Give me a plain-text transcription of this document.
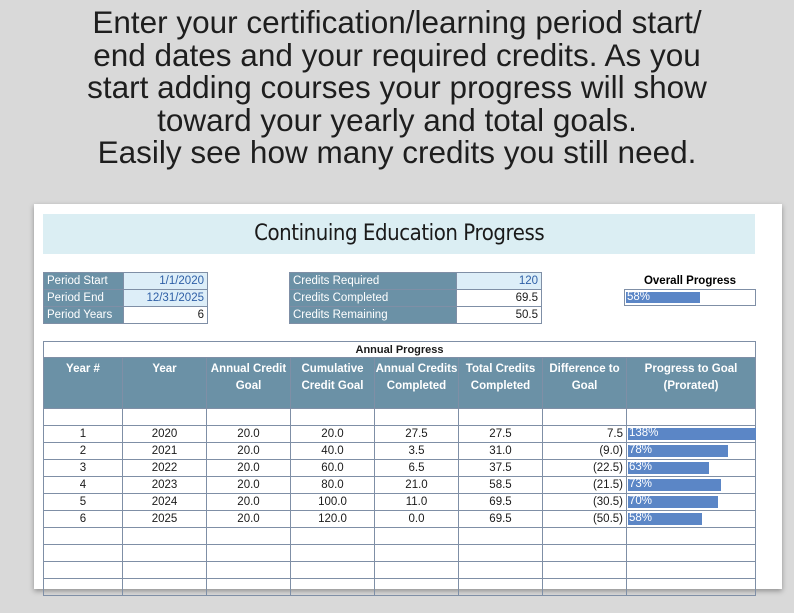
Enter your certification/learning period start/
end dates and your required credits. As you
start adding courses your progress will show
toward your yearly and total goals.
Easily see how many credits you still need.
Continuing Education Progress
Period Start	1/1/2020
Period End	12/31/2025
Period Years	6
Credits Required	120
Credits Completed	69.5
Credits Remaining	50.5
Overall Progress
58%
Annual Progress							
Year #	Year	Annual Credit Goal	Cumulative Credit Goal	Annual Credits Completed	Total Credits Completed	Difference to Goal	Progress to Goal (Prorated)

1	2020	20.0	20.0	27.5	27.5	7.5	138%

2	2021	20.0	40.0	3.5	31.0	(9.0)	78%

3	2022	20.0	60.0	6.5	37.5	(22.5)	63%

4	2023	20.0	80.0	21.0	58.5	(21.5)	73%

5	2024	20.0	100.0	11.0	69.5	(30.5)	70%

6	2025	20.0	120.0	0.0	69.5	(50.5)	58%
